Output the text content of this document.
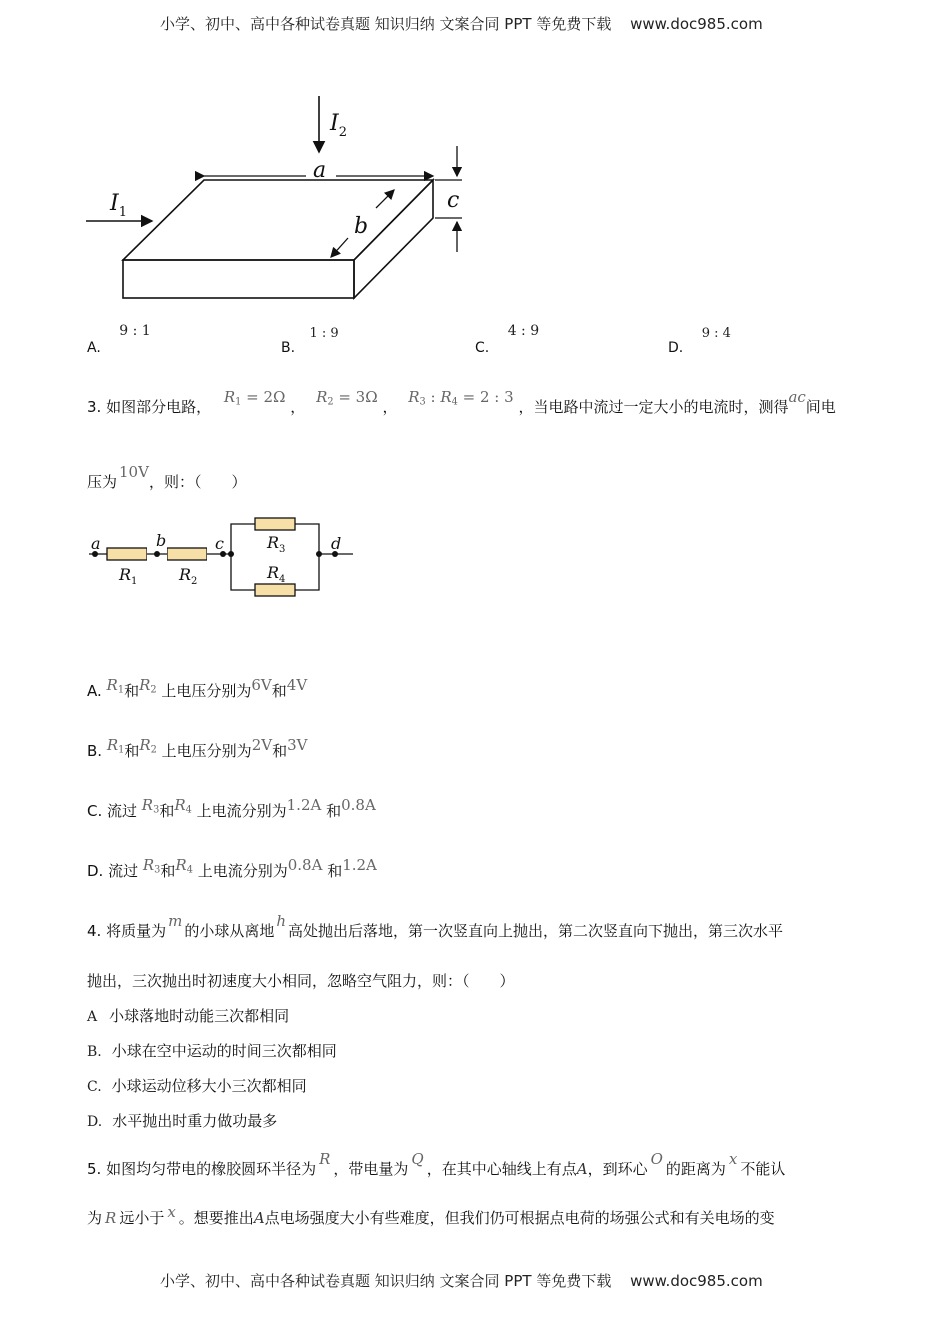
小学、初中、高中各种试卷真题 知识归纳 文案合同 PPT 等免费下载 www.doc985.com
$I_2$
$I_1$
a
b
c
A. 9 : 1
B. 1 : 9
C. 4 : 9
D. 9 : 4
3. 如图部分电路， $R_1 = 2\Omega$ ， $R_2 = 3\Omega$ ， $R_3$ : $R_4 = 2$ : 3 ，当电路中流过一定大小的电流时，测得ac间电
压为10V，则：（　　）
a	b	c	d
$R_1$	$R_2$
$R_3$
$R_4$
A. $R_1$和$R_2$ 上电压分别为6V和4V
B. $R_1$和$R_2$ 上电压分别为2V和3V
C. 流过 $R_3$和$R_4$ 上电流分别为1.2A 和0.8A
D. 流过 $R_3$和$R_4$ 上电流分别为0.8A 和1.2A
4. 将质量为m的小球从离地h高处抛出后落地，第一次竖直向上抛出，第二次竖直向下抛出，第三次水平
抛出，三次抛出时初速度大小相同，忽略空气阻力，则：（　　）
A 小球落地时动能三次都相同
B. 小球在空中运动的时间三次都相同
C. 小球运动位移大小三次都相同
D. 水平抛出时重力做功最多
5. 如图均匀带电的橡胶圆环半径为R，带电量为Q，在其中心轴线上有点A，到环心O的距离为x不能认
为 R 远小于 x 。想要推出A点电场强度大小有些难度，但我们仍可根据点电荷的场强公式和有关电场的变
小学、初中、高中各种试卷真题 知识归纳 文案合同 PPT 等免费下载 www.doc985.com
